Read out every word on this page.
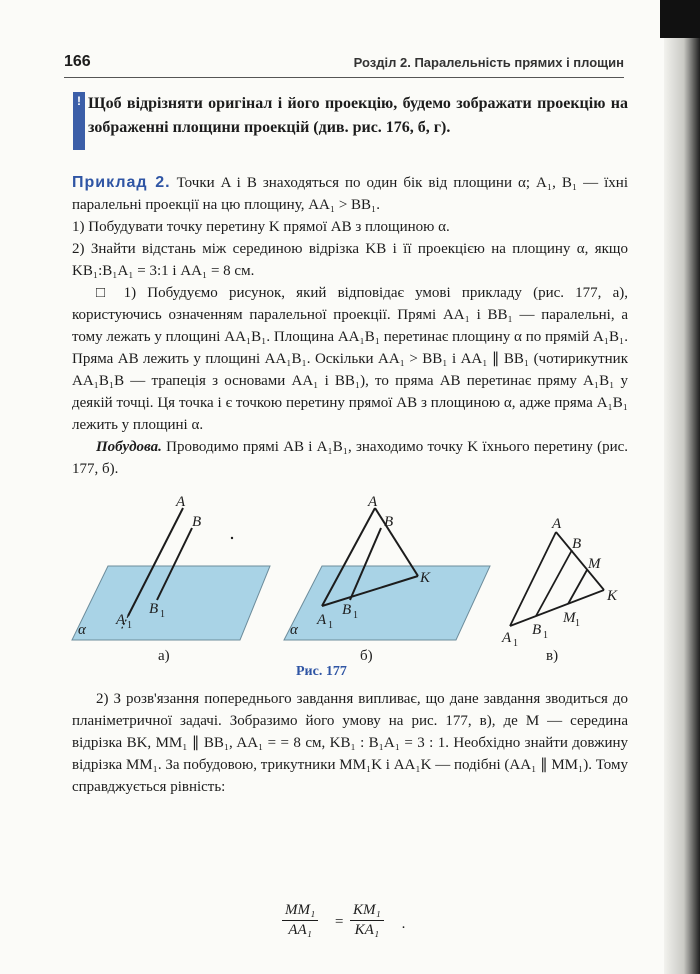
166	Розділ 2. Паралельність прямих і площин
! Щоб відрізняти оригінал і його проекцію, будемо зображати проекцію на зображенні площини проекцій (див. рис. 176, б, г).

Приклад 2. Точки A і B знаходяться по один бік від площини α; A₁, B₁ — їхні паралельні проекції на цю площину, AA₁ > BB₁.

1) Побудувати точку перетину K прямої AB з площиною α.

2) Знайти відстань між серединою відрізка KB і її проекцією на площину α, якщо KB₁:B₁A₁ = 3:1 і AA₁ = 8 см.

□ 1) Побудуємо рисунок, який відповідає умові прикладу (рис. 177, а), користуючись означенням паралельної проекції. Прямі AA₁ і BB₁ — паралельні, а тому лежать у площині AA₁B₁. Площина AA₁B₁ перетинає площину α по прямій A₁B₁. Пряма AB лежить у площині AA₁B₁. Оскільки AA₁ > BB₁ і AA₁ ∥ BB₁ (чотирикутник AA₁B₁B — трапеція з основами AA₁ і BB₁), то пряма AB перетинає пряму A₁B₁ у деякій точці. Ця точка і є точкою перетину прямої AB з площиною α, адже пряма A₁B₁ лежить у площині α.

Побудова. Проводимо прямі AB і A₁B₁, знаходимо точку K їхнього перетину (рис. 177, б).

A
B
A 1
B 1
α
а)
A
B
K
A 1
B 1
α
б)
A
B
M
K
A 1
B 1
M 1
в)
Рис. 177

2) З розв'язання попереднього завдання випливає, що дане завдання зводиться до планіметричної задачі. Зобразимо його умову на рис. 177, в), де M — середина відрізка BK, MM₁ ∥ BB₁, AA₁ = = 8 см, KB₁ : B₁A₁ = 3 : 1. Необхідно знайти довжину відрізка MM₁. За побудовою, трикутники MM₁K і AA₁K — подібні (AA₁ ∥ MM₁). Тому справджується рівність:

$\frac{\text{MM₁}}{\text{AA₁}} = \frac{\text{KM₁}}{\text{KA₁}}$ .
